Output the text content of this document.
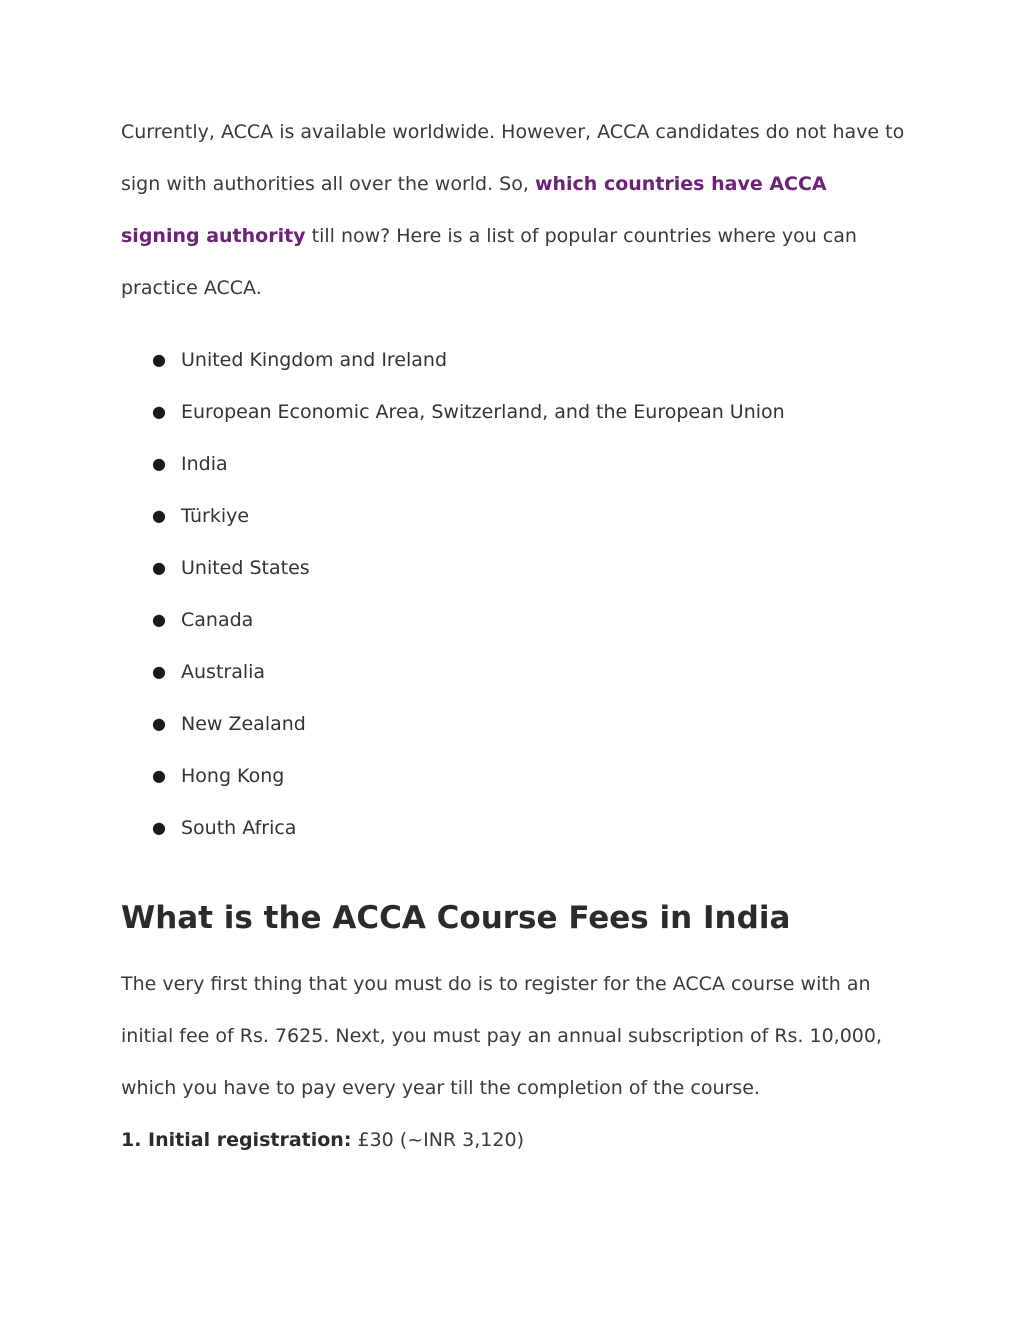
Currently, ACCA is available worldwide. However, ACCA candidates do not have to sign with authorities all over the world. So, which countries have ACCA signing authority till now? Here is a list of popular countries where you can practice ACCA.

● United Kingdom and Ireland
● European Economic Area, Switzerland, and the European Union
● India
● Türkiye
● United States
● Canada
● Australia
● New Zealand
● Hong Kong
● South Africa
What is the ACCA Course Fees in India

The very first thing that you must do is to register for the ACCA course with an initial fee of Rs. 7625. Next, you must pay an annual subscription of Rs. 10,000, which you have to pay every year till the completion of the course.

1. Initial registration: £30 (~INR 3,120)
